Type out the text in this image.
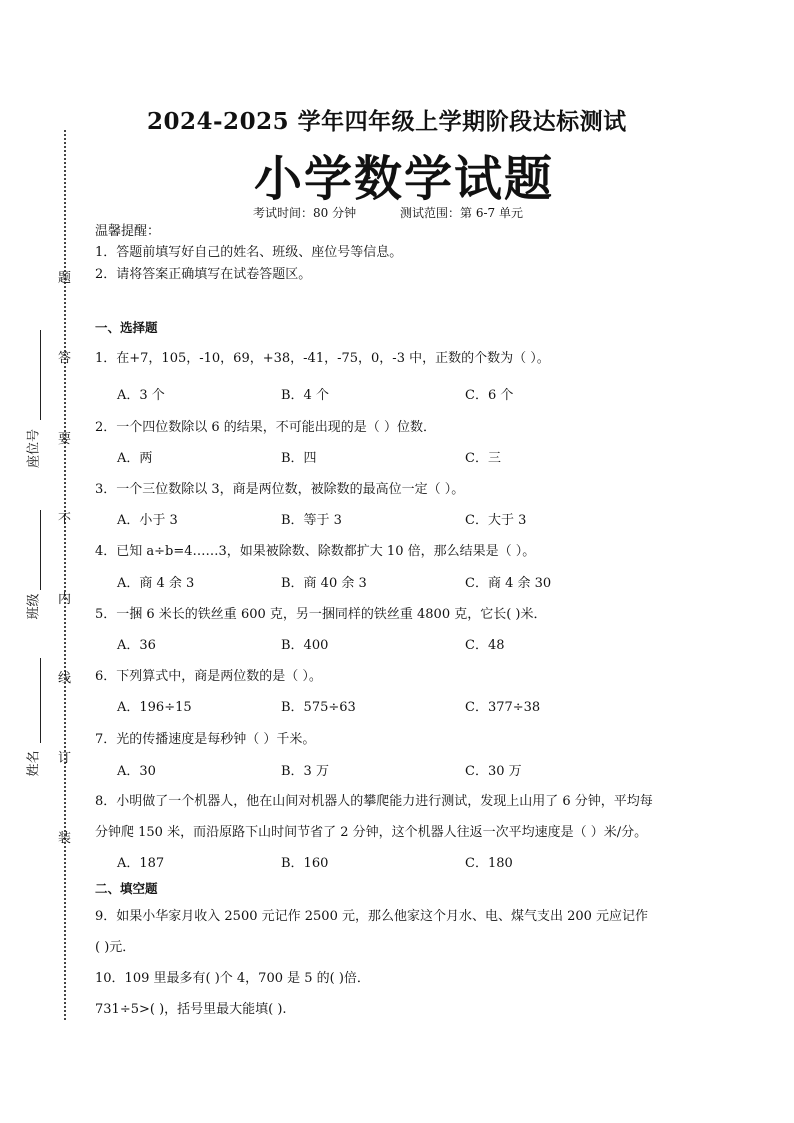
题
答
要
不
内
线
订
装
座位号
班级
姓名
2024-2025 学年四年级上学期阶段达标测试
小学数学试题
考试时间：80 分钟	测试范围：第 6-7 单元
温馨提醒：
1．答题前填写好自己的姓名、班级、座位号等信息。
2．请将答案正确填写在试卷答题区。
一、选择题
1．在+7，105，-10，69，+38，-41，-75，0，-3 中，正数的个数为（ ）。
A．3 个	B．4 个	C．6 个
2．一个四位数除以 6 的结果，不可能出现的是（ ）位数．
A．两	B．四	C．三
3．一个三位数除以 3，商是两位数，被除数的最高位一定（ ）。
A．小于 3	B．等于 3	C．大于 3
4．已知 a÷b=4……3，如果被除数、除数都扩大 10 倍，那么结果是（ ）。
A．商 4 余 3	B．商 40 余 3	C．商 4 余 30
5．一捆 6 米长的铁丝重 600 克，另一捆同样的铁丝重 4800 克，它长( )米．
A．36	B．400	C．48
6．下列算式中，商是两位数的是（ ）。
A．196÷15	B．575÷63	C．377÷38
7．光的传播速度是每秒钟（ ）千米。
A．30	B．3 万	C．30 万
8．小明做了一个机器人，他在山间对机器人的攀爬能力进行测试，发现上山用了 6 分钟，平均每
分钟爬 150 米，而沿原路下山时间节省了 2 分钟，这个机器人往返一次平均速度是（ ）米/分。
A．187	B．160	C．180
二、填空题
9．如果小华家月收入 2500 元记作 2500 元，那么他家这个月水、电、煤气支出 200 元应记作
( )元．
10．109 里最多有( )个 4，700 是 5 的( )倍．
731÷5>( )，括号里最大能填( ).
